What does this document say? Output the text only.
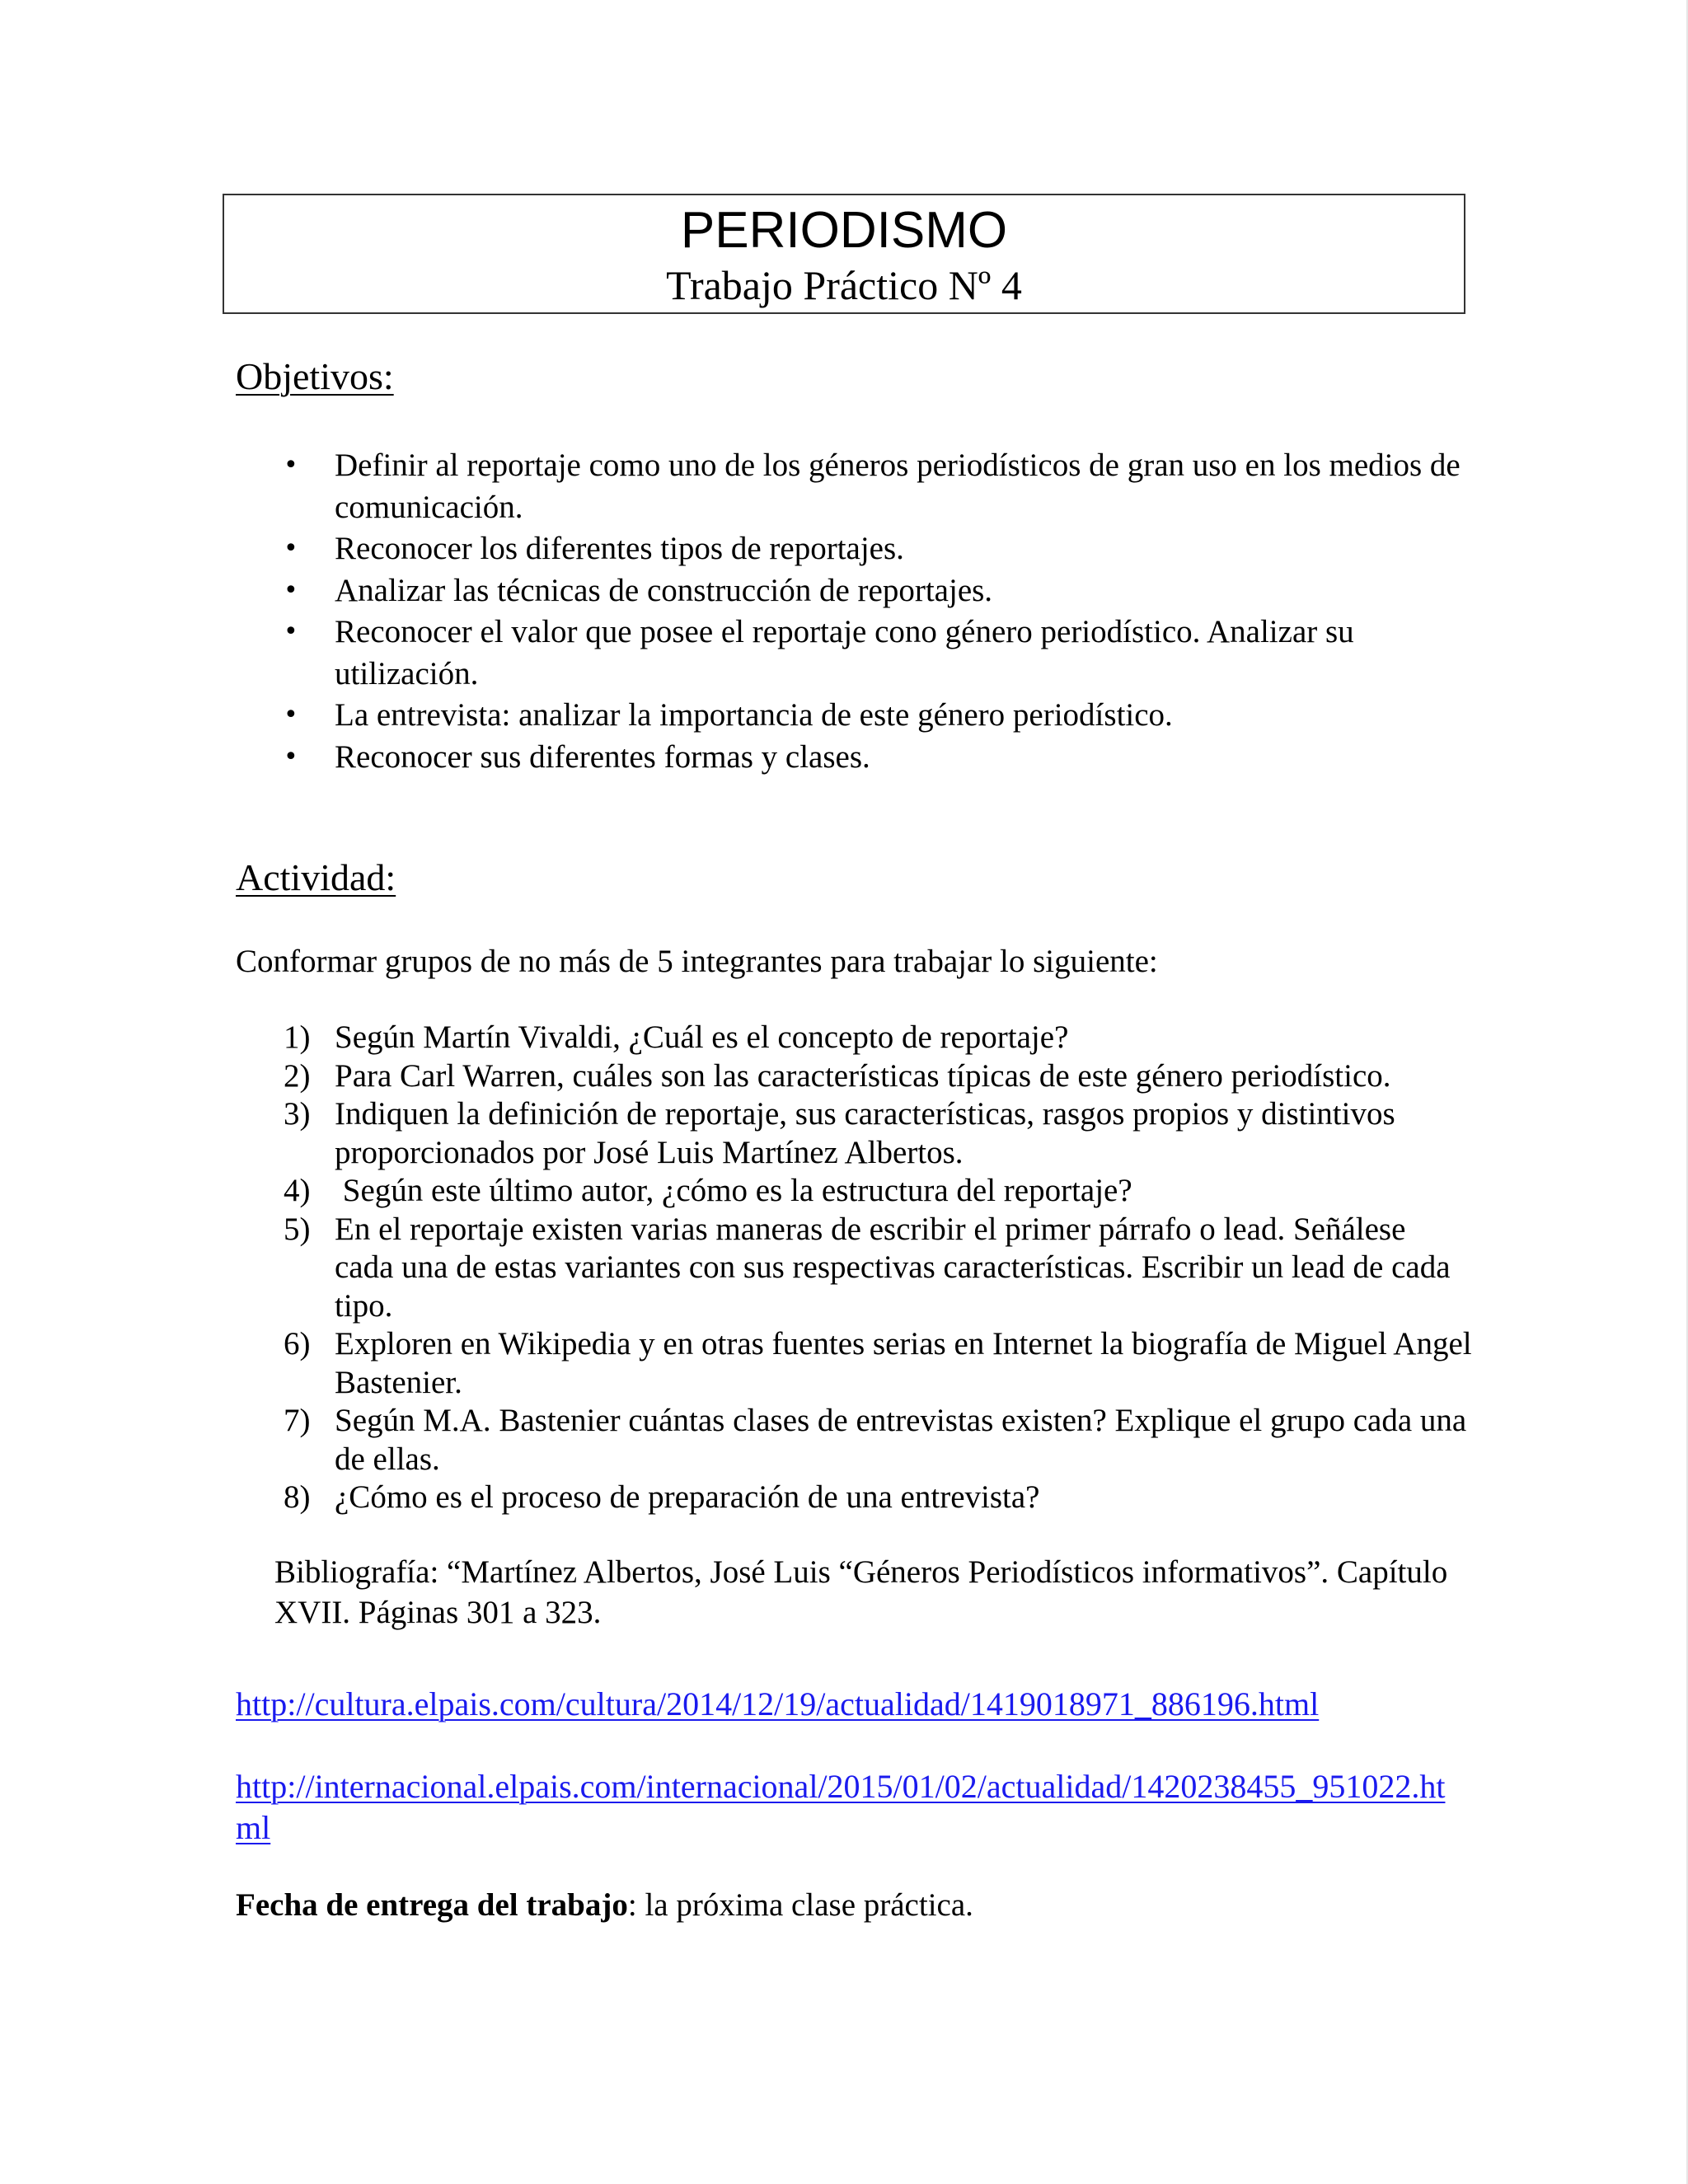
PERIODISMO
Trabajo Práctico Nº 4
Objetivos:
• Definir al reportaje como uno de los géneros periodísticos de gran uso en los medios de comunicación.
• Reconocer los diferentes tipos de reportajes.
• Analizar las técnicas de construcción de reportajes.
• Reconocer el valor que posee el reportaje cono género periodístico. Analizar su utilización.
• La entrevista: analizar la importancia de este género periodístico.
• Reconocer sus diferentes formas y clases.
Actividad:
Conformar grupos de no más de 5 integrantes para trabajar lo siguiente:
1) Según Martín Vivaldi, ¿Cuál es el concepto de reportaje?
2) Para Carl Warren, cuáles son las características típicas de este género periodístico.
3) Indiquen la definición de reportaje, sus características, rasgos propios y distintivos proporcionados por José Luis Martínez Albertos.
4) Según este último autor, ¿cómo es la estructura del reportaje?
5) En el reportaje existen varias maneras de escribir el primer párrafo o lead. Señálese cada una de estas variantes con sus respectivas características. Escribir un lead de cada tipo.
6) Exploren en Wikipedia y en otras fuentes serias en Internet la biografía de Miguel Angel Bastenier.
7) Según M.A. Bastenier cuántas clases de entrevistas existen? Explique el grupo cada una de ellas.
8) ¿Cómo es el proceso de preparación de una entrevista?
Bibliografía: “Martínez Albertos, José Luis “Géneros Periodísticos informativos”. Capítulo XVII. Páginas 301 a 323.
http://cultura.elpais.com/cultura/2014/12/19/actualidad/1419018971_886196.html
http://internacional.elpais.com/internacional/2015/01/02/actualidad/1420238455_951022.html
Fecha de entrega del trabajo: la próxima clase práctica.
